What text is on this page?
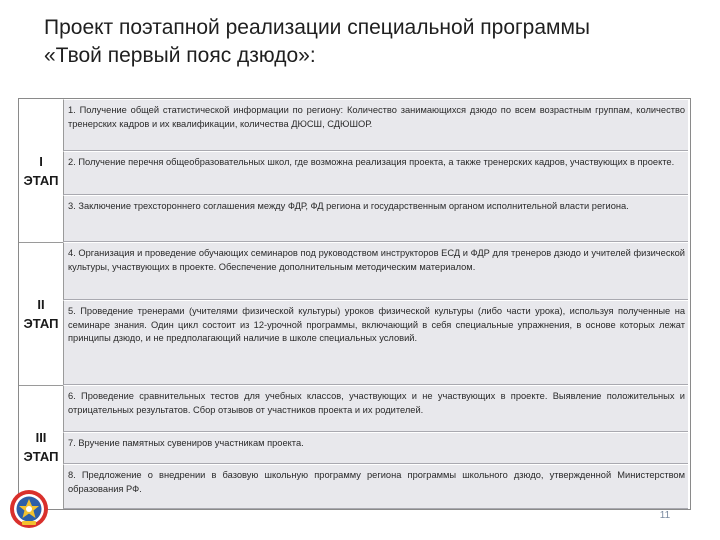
Проект поэтапной реализации специальной программы
«Твой первый пояс дзюдо»:
I
ЭТАП
II
ЭТАП
III
ЭТАП
1. Получение общей статистической информации по региону: Количество занимающихся дзюдо по всем возрастным группам, количество тренерских кадров и их квалификации, количества ДЮСШ, СДЮШОР.
2. Получение перечня общеобразовательных школ, где возможна реализация проекта, а также тренерских кадров, участвующих в проекте.
3. Заключение трехстороннего соглашения между ФДР, ФД региона и государственным органом исполнительной власти региона.
4. Организация и проведение обучающих семинаров под руководством инструкторов ЕСД и ФДР для тренеров дзюдо и учителей физической культуры, участвующих в проекте. Обеспечение дополнительным методическим материалом.
5. Проведение тренерами (учителями физической культуры) уроков физической культуры (либо части урока), используя полученные на семинаре знания. Один цикл состоит из 12-урочной программы, включающий в себя специальные упражнения, в основе которых лежат принципы дзюдо, и не предполагающий наличие в школе специальных условий.
6. Проведение сравнительных тестов для учебных классов, участвующих и не участвующих в проекте. Выявление положительных и отрицательных результатов. Сбор отзывов от участников проекта и их родителей.
7. Вручение памятных сувениров участникам проекта.
8. Предложение о внедрении в базовую школьную программу региона программы школьного дзюдо, утвержденной Министерством образования РФ.
11
